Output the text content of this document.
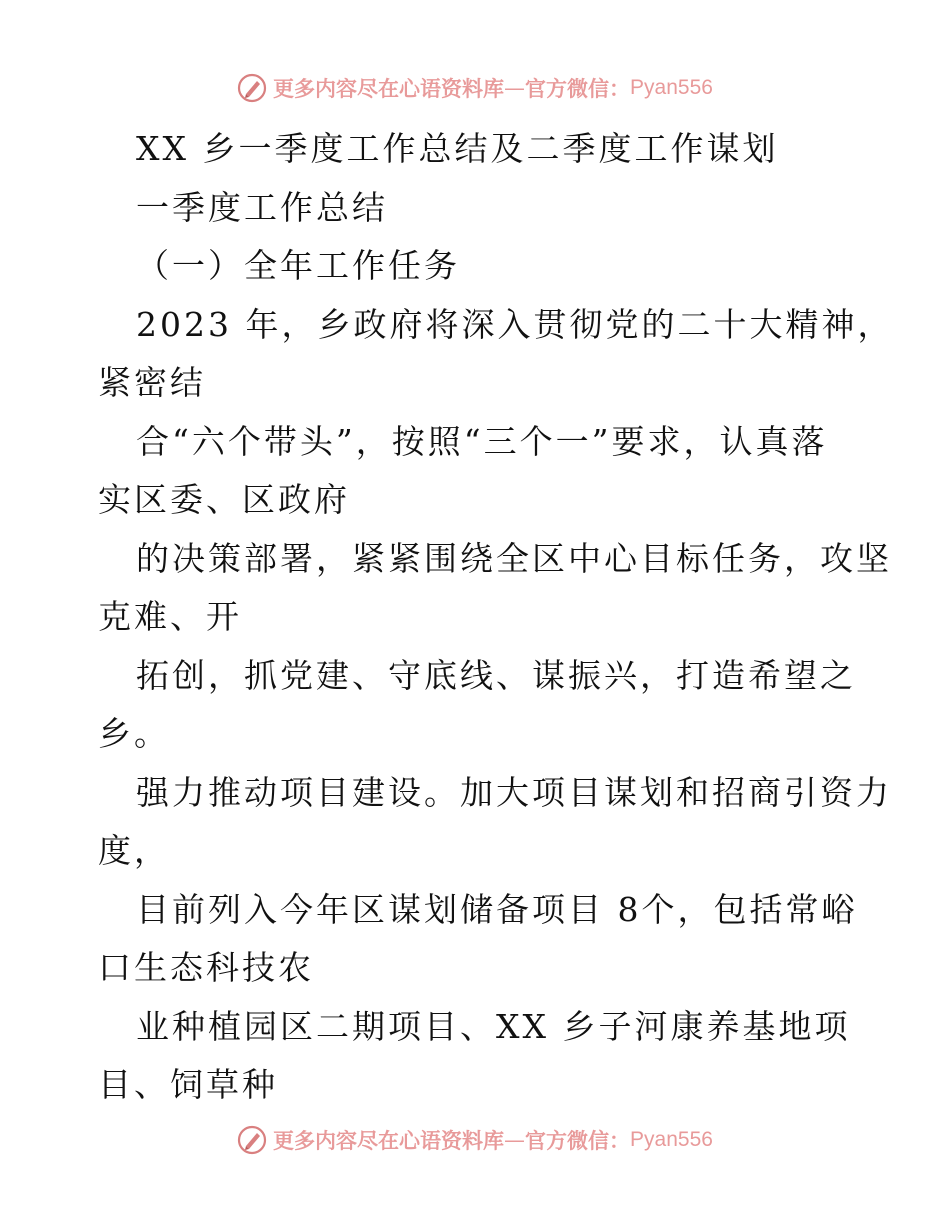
更多内容尽在心语资料库 — 官方微信： Pyan556
XX 乡一季度工作总结及二季度工作谋划
一季度工作总结
（一）全年工作任务
2023 年，乡政府将深入贯彻党的二十大精神，
紧密结
合“六个带头”，按照“三个一”要求，认真落
实区委、区政府
的决策部署，紧紧围绕全区中心目标任务，攻坚
克难、开
拓创，抓党建、守底线、谋振兴，打造希望之
乡。
强力推动项目建设。加大项目谋划和招商引资力
度，
目前列入今年区谋划储备项目 8个，包括常峪
口生态科技农
业种植园区二期项目、XX 乡子河康养基地项
目、饲草种
更多内容尽在心语资料库 — 官方微信： Pyan556
